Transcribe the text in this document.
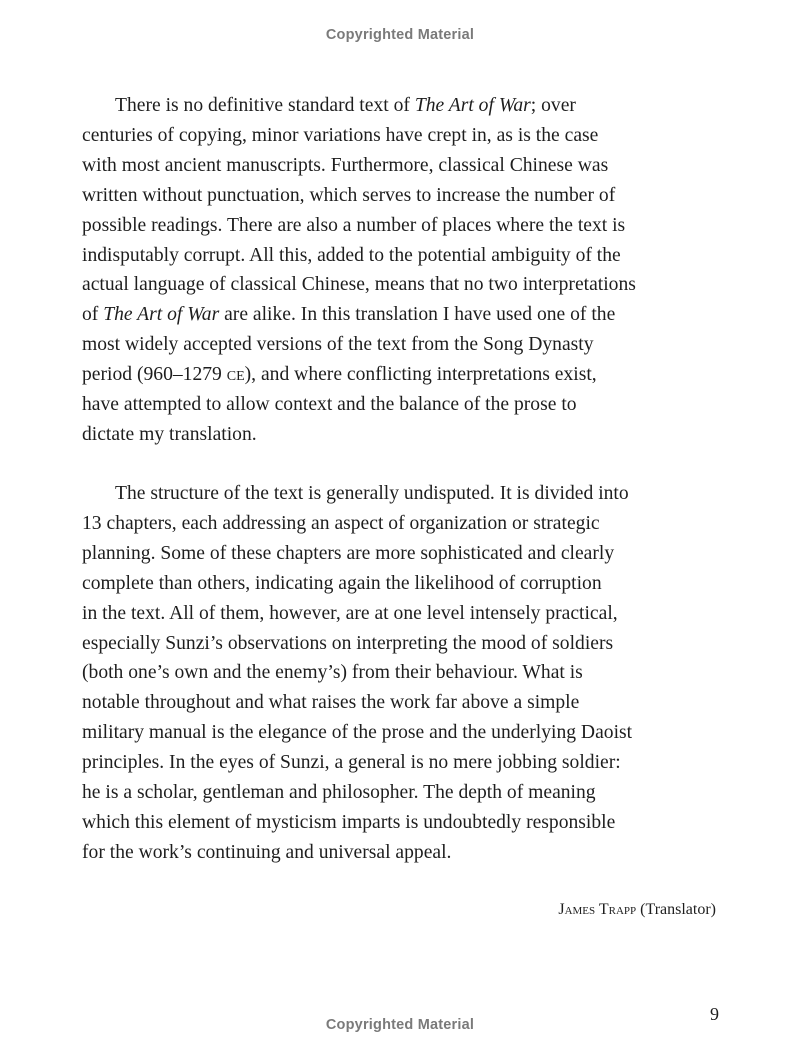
Copyrighted Material
There is no definitive standard text of The Art of War; over
centuries of copying, minor variations have crept in, as is the case
with most ancient manuscripts. Furthermore, classical Chinese was
written without punctuation, which serves to increase the number of
possible readings. There are also a number of places where the text is
indisputably corrupt. All this, added to the potential ambiguity of the
actual language of classical Chinese, means that no two interpretations
of The Art of War are alike. In this translation I have used one of the
most widely accepted versions of the text from the Song Dynasty
period (960–1279 ce), and where conflicting interpretations exist,
have attempted to allow context and the balance of the prose to
dictate my translation.
The structure of the text is generally undisputed. It is divided into
13 chapters, each addressing an aspect of organization or strategic
planning. Some of these chapters are more sophisticated and clearly
complete than others, indicating again the likelihood of corruption
in the text. All of them, however, are at one level intensely practical,
especially Sunzi’s observations on interpreting the mood of soldiers
(both one’s own and the enemy’s) from their behaviour. What is
notable throughout and what raises the work far above a simple
military manual is the elegance of the prose and the underlying Daoist
principles. In the eyes of Sunzi, a general is no mere jobbing soldier:
he is a scholar, gentleman and philosopher. The depth of meaning
which this element of mysticism imparts is undoubtedly responsible
for the work’s continuing and universal appeal.
James Trapp (Translator)
9
Copyrighted Material
